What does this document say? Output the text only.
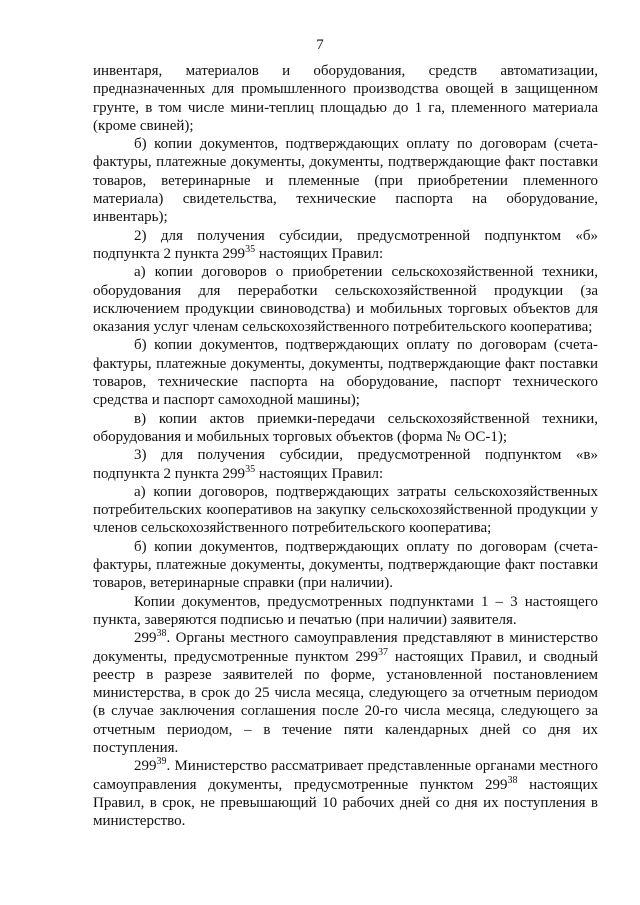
7

инвентаря, материалов и оборудования, средств автоматизации, предназначенных для промышленного производства овощей в защищенном грунте, в том числе мини-теплиц площадью до 1 га, племенного материала (кроме свиней);

б) копии документов, подтверждающих оплату по договорам (счета-фактуры, платежные документы, документы, подтверждающие факт поставки товаров, ветеринарные и племенные (при приобретении племенного материала) свидетельства, технические паспорта на оборудование, инвентарь);

2) для получения субсидии, предусмотренной подпунктом «б» подпункта 2 пункта $299^{35}$ настоящих Правил:

а) копии договоров о приобретении сельскохозяйственной техники, оборудования для переработки сельскохозяйственной продукции (за исключением продукции свиноводства) и мобильных торговых объектов для оказания услуг членам сельскохозяйственного потребительского кооператива;

б) копии документов, подтверждающих оплату по договорам (счета-фактуры, платежные документы, документы, подтверждающие факт поставки товаров, технические паспорта на оборудование, паспорт технического средства и паспорт самоходной машины);

в) копии актов приемки-передачи сельскохозяйственной техники, оборудования и мобильных торговых объектов (форма № ОС-1);

3) для получения субсидии, предусмотренной подпунктом «в» подпункта 2 пункта $299^{35}$ настоящих Правил:

а) копии договоров, подтверждающих затраты сельскохозяйственных потребительских кооперативов на закупку сельскохозяйственной продукции у членов сельскохозяйственного потребительского кооператива;

б) копии документов, подтверждающих оплату по договорам (счета-фактуры, платежные документы, документы, подтверждающие факт поставки товаров, ветеринарные справки (при наличии).

Копии документов, предусмотренных подпунктами 1 – 3 настоящего пункта, заверяются подписью и печатью (при наличии) заявителя.

$299^{38}$. Органы местного самоуправления представляют в министерство документы, предусмотренные пунктом $299^{37}$ настоящих Правил, и сводный реестр в разрезе заявителей по форме, установленной постановлением министерства, в срок до 25 числа месяца, следующего за отчетным периодом (в случае заключения соглашения после 20-го числа месяца, следующего за отчетным периодом, – в течение пяти календарных дней со дня их поступления.

$299^{39}$. Министерство рассматривает представленные органами местного самоуправления документы, предусмотренные пунктом $299^{38}$ настоящих Правил, в срок, не превышающий 10 рабочих дней со дня их поступления в министерство.
